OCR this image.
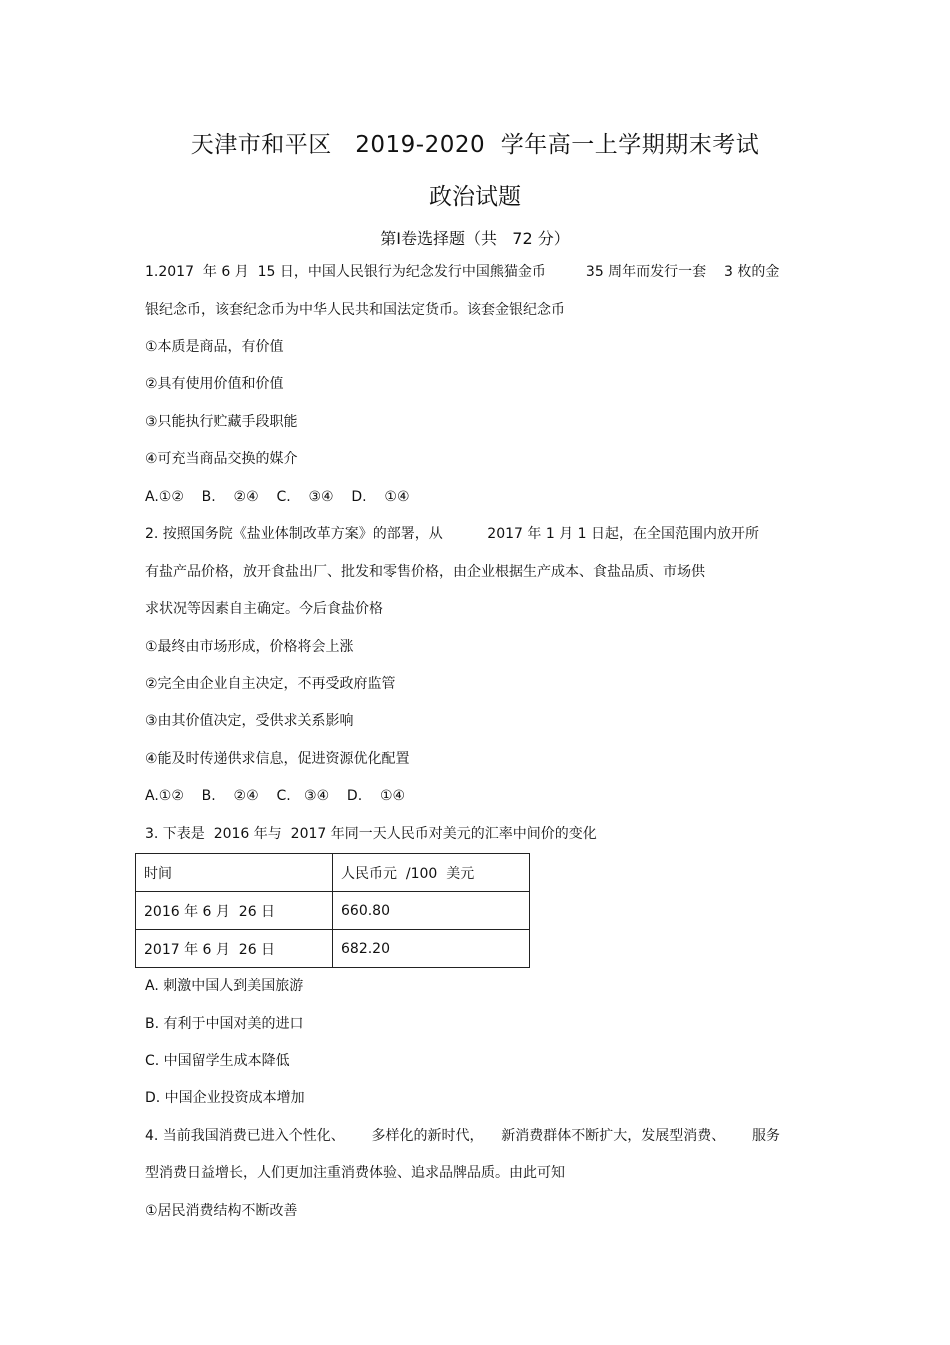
天津市和平区　2019-2020  学年高一上学期期末考试
政治试题
第Ⅰ卷选择题（共   72 分）
1.2017  年 6 月  15 日，中国人民银行为纪念发行中国熊猫金币         35 周年而发行一套    3 枚的金
银纪念币，该套纪念币为中华人民共和国法定货币。该套金银纪念币
①本质是商品，有价值
②具有使用价值和价值
③只能执行贮藏手段职能
④可充当商品交换的媒介
A.①②    B.    ②④    C.    ③④    D.    ①④
2. 按照国务院《盐业体制改革方案》的部署，从          2017 年 1 月 1 日起，在全国范围内放开所
有盐产品价格，放开食盐出厂、批发和零售价格，由企业根据生产成本、食盐品质、市场供
求状况等因素自主确定。今后食盐价格
①最终由市场形成，价格将会上涨
②完全由企业自主决定，不再受政府监管
③由其价值决定，受供求关系影响
④能及时传递供求信息，促进资源优化配置
A.①②    B.    ②④    C.   ③④    D.    ①④
3. 下表是  2016 年与  2017 年同一天人民币对美元的汇率中间价的变化
时间	人民币元  /100  美元
2016 年 6 月  26 日	660.80
2017 年 6 月  26 日	682.20
A. 刺激中国人到美国旅游
B. 有利于中国对美的进口
C. 中国留学生成本降低
D. 中国企业投资成本增加
4. 当前我国消费已进入个性化、      多样化的新时代，    新消费群体不断扩大，发展型消费、      服务
型消费日益增长，人们更加注重消费体验、追求品牌品质。由此可知
①居民消费结构不断改善
